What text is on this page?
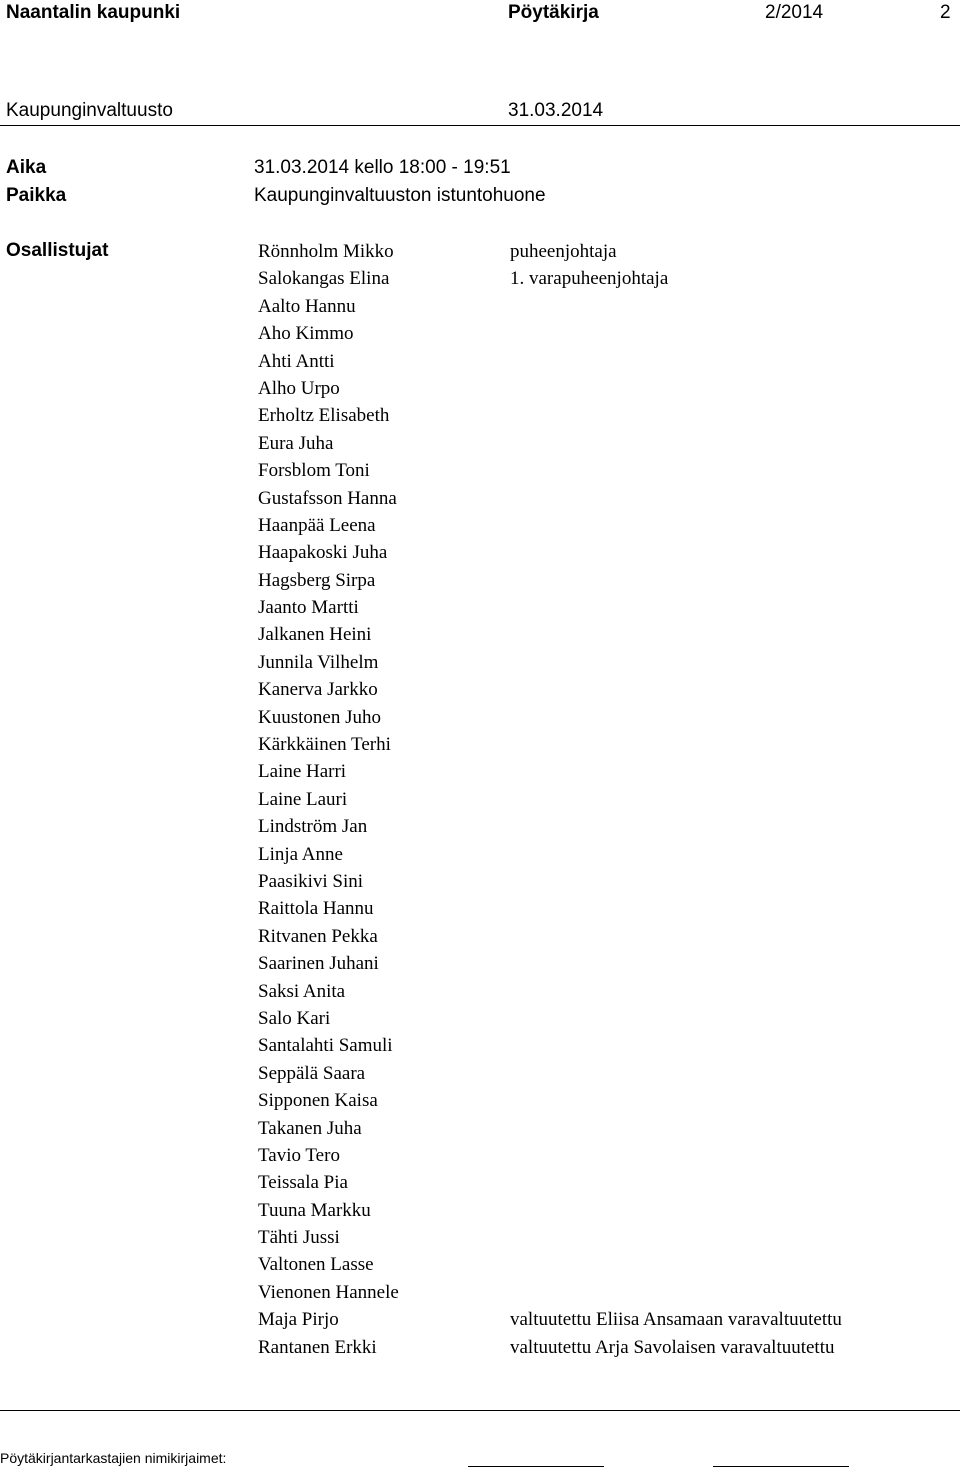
Naantalin kaupunki	Pöytäkirja	2/2014	2
Kaupunginvaltuusto	31.03.2014
Aika	31.03.2014 kello 18:00 - 19:51
Paikka	Kaupunginvaltuuston istuntohuone
Osallistujat	Rönnholm Mikko	puheenjohtaja
Salokangas Elina	1. varapuheenjohtaja
Aalto Hannu
Aho Kimmo
Ahti Antti
Alho Urpo
Erholtz Elisabeth
Eura Juha
Forsblom Toni
Gustafsson Hanna
Haanpää Leena
Haapakoski Juha
Hagsberg Sirpa
Jaanto Martti
Jalkanen Heini
Junnila Vilhelm
Kanerva Jarkko
Kuustonen Juho
Kärkkäinen Terhi
Laine Harri
Laine Lauri
Lindström Jan
Linja Anne
Paasikivi Sini
Raittola Hannu
Ritvanen Pekka
Saarinen Juhani
Saksi Anita
Salo Kari
Santalahti Samuli
Seppälä Saara
Sipponen Kaisa
Takanen Juha
Tavio Tero
Teissala Pia
Tuuna Markku
Tähti Jussi
Valtonen Lasse
Vienonen Hannele
Maja Pirjo	valtuutettu Eliisa Ansamaan varavaltuutettu
Rantanen Erkki	valtuutettu Arja Savolaisen varavaltuutettu
Pöytäkirjantarkastajien nimikirjaimet:
